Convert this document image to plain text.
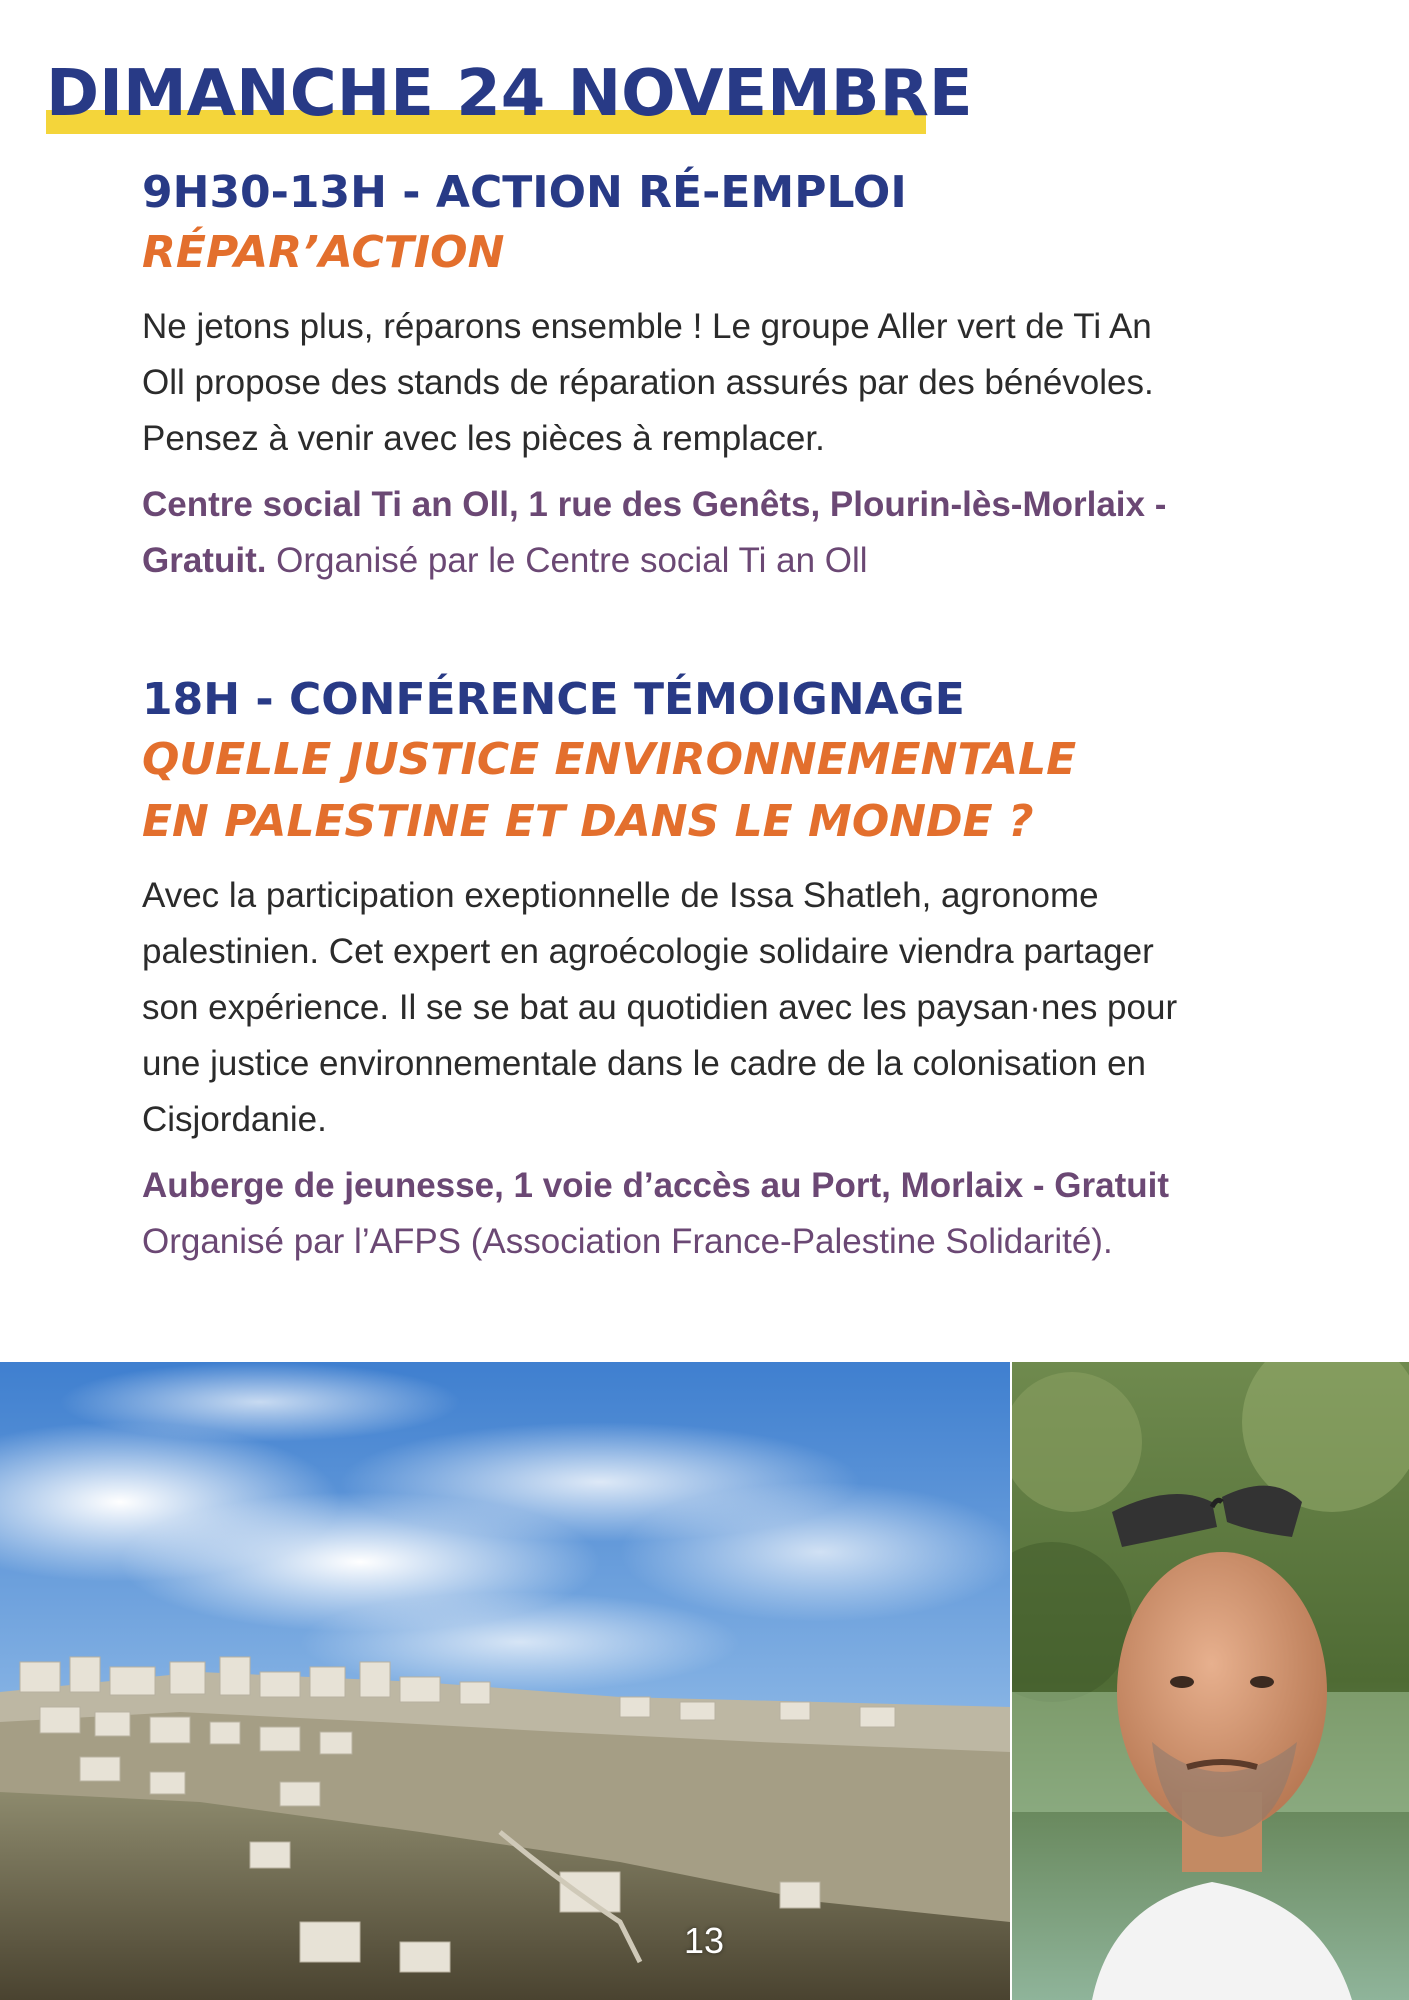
DIMANCHE 24 NOVEMBRE
9H30-13H - ACTION RÉ-EMPLOI
RÉPAR’ACTION
Ne jetons plus, réparons ensemble ! Le groupe Aller vert de Ti An
Oll propose des stands de réparation assurés par des bénévoles.
Pensez à venir avec les pièces à remplacer.
Centre social Ti an Oll, 1 rue des Genêts, Plourin-lès-Morlaix -
Gratuit. Organisé par le Centre social Ti an Oll
18H - CONFÉRENCE TÉMOIGNAGE
QUELLE JUSTICE ENVIRONNEMENTALE
EN PALESTINE ET DANS LE MONDE ?
Avec la participation exeptionnelle de Issa Shatleh, agronome
palestinien. Cet expert en agroécologie solidaire viendra partager
son expérience. Il se se bat au quotidien avec les paysan·nes pour
une justice environnementale dans le cadre de la colonisation en
Cisjordanie.
Auberge de jeunesse, 1 voie d’accès au Port, Morlaix - Gratuit
Organisé par l’AFPS (Association France-Palestine Solidarité).
13
